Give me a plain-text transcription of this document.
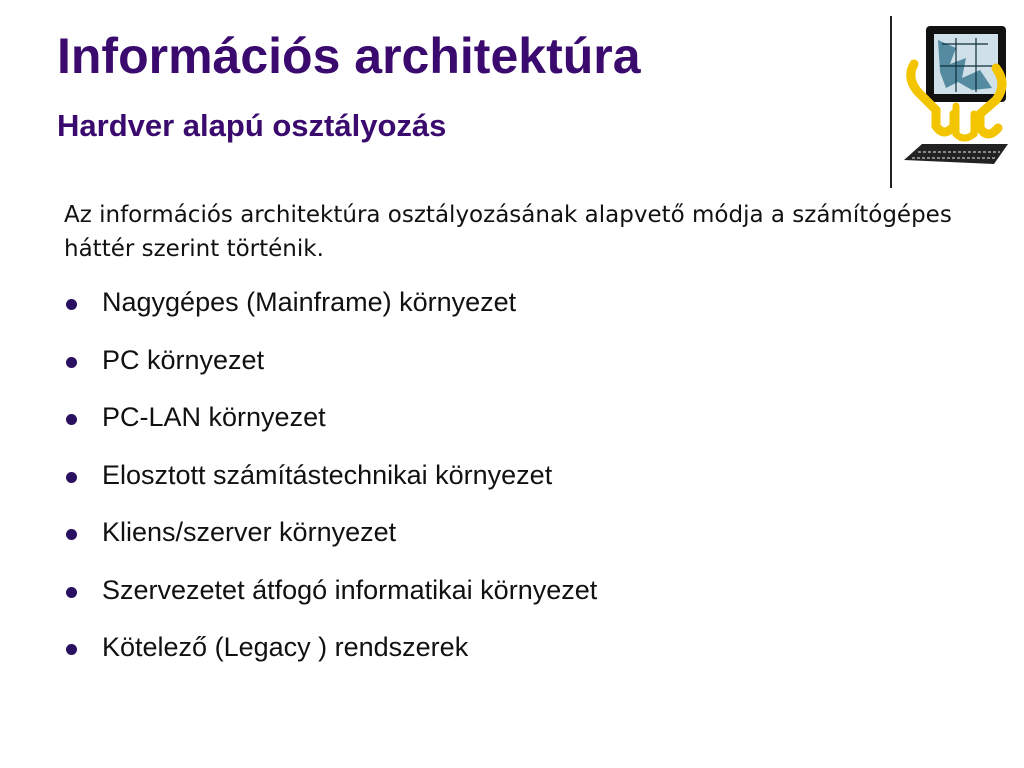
Információs architektúra
Hardver alapú osztályozás
Az információs architektúra osztályozásának alapvető módja a számítógépes háttér szerint történik.
Nagygépes (Mainframe) környezet
PC környezet
PC-LAN környezet
Elosztott számítástechnikai környezet
Kliens/szerver környezet
Szervezetet átfogó informatikai környezet
Kötelező (Legacy ) rendszerek
